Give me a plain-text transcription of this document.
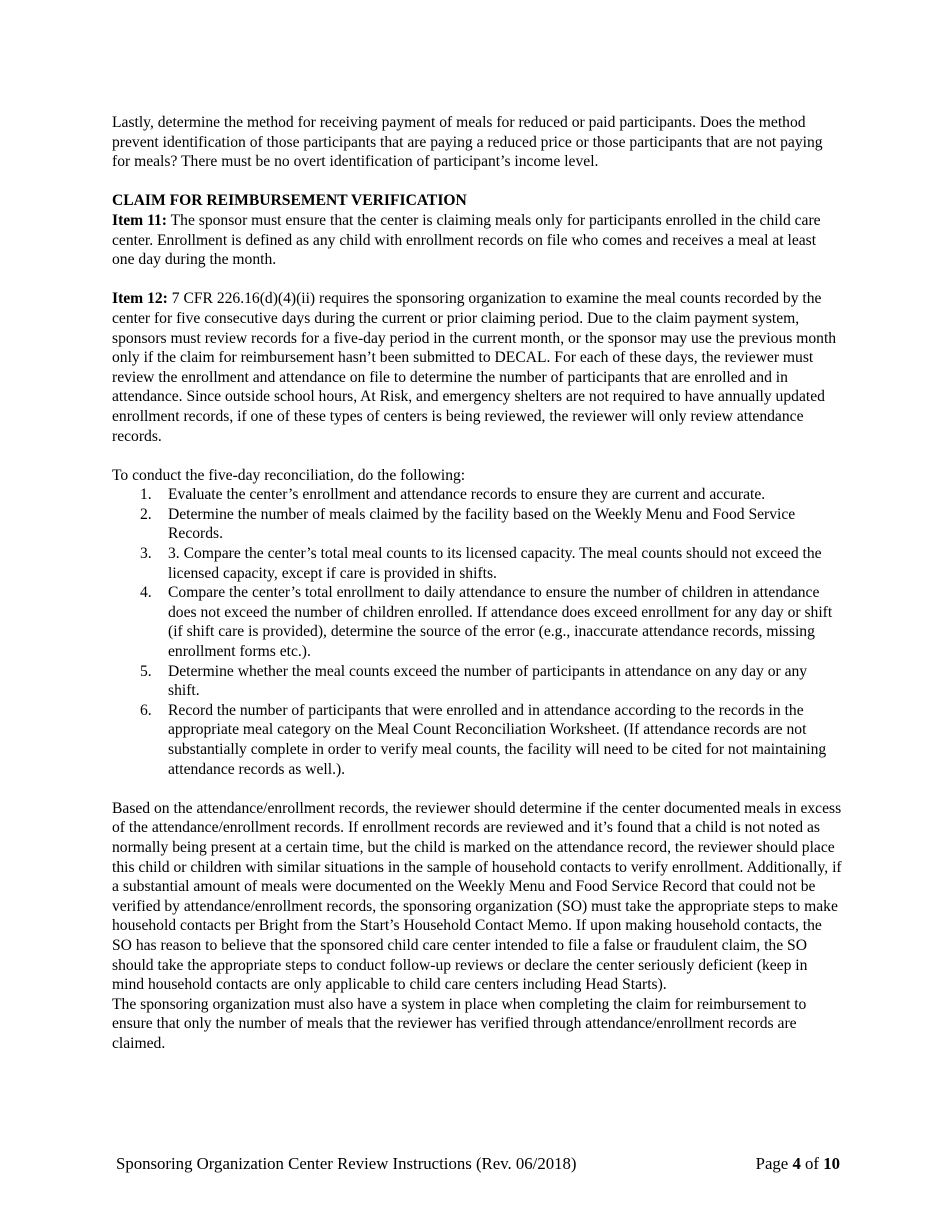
Lastly, determine the method for receiving payment of meals for reduced or paid participants. Does the method prevent identification of those participants that are paying a reduced price or those participants that are not paying for meals? There must be no overt identification of participant’s income level.

CLAIM FOR REIMBURSEMENT VERIFICATION

Item 11: The sponsor must ensure that the center is claiming meals only for participants enrolled in the child care center. Enrollment is defined as any child with enrollment records on file who comes and receives a meal at least one day during the month.

Item 12: 7 CFR 226.16(d)(4)(ii) requires the sponsoring organization to examine the meal counts recorded by the center for five consecutive days during the current or prior claiming period. Due to the claim payment system, sponsors must review records for a five-day period in the current month, or the sponsor may use the previous month only if the claim for reimbursement hasn’t been submitted to DECAL. For each of these days, the reviewer must review the enrollment and attendance on file to determine the number of participants that are enrolled and in attendance. Since outside school hours, At Risk, and emergency shelters are not required to have annually updated enrollment records, if one of these types of centers is being reviewed, the reviewer will only review attendance records.

To conduct the five-day reconciliation, do the following:

1. Evaluate the center’s enrollment and attendance records to ensure they are current and accurate.
2. Determine the number of meals claimed by the facility based on the Weekly Menu and Food Service Records.
3. 3. Compare the center’s total meal counts to its licensed capacity. The meal counts should not exceed the licensed capacity, except if care is provided in shifts.
4. Compare the center’s total enrollment to daily attendance to ensure the number of children in attendance does not exceed the number of children enrolled. If attendance does exceed enrollment for any day or shift (if shift care is provided), determine the source of the error (e.g., inaccurate attendance records, missing enrollment forms etc.).
5. Determine whether the meal counts exceed the number of participants in attendance on any day or any shift.
6. Record the number of participants that were enrolled and in attendance according to the records in the appropriate meal category on the Meal Count Reconciliation Worksheet. (If attendance records are not substantially complete in order to verify meal counts, the facility will need to be cited for not maintaining attendance records as well.).

Based on the attendance/enrollment records, the reviewer should determine if the center documented meals in excess of the attendance/enrollment records. If enrollment records are reviewed and it’s found that a child is not noted as normally being present at a certain time, but the child is marked on the attendance record, the reviewer should place this child or children with similar situations in the sample of household contacts to verify enrollment. Additionally, if a substantial amount of meals were documented on the Weekly Menu and Food Service Record that could not be verified by attendance/enrollment records, the sponsoring organization (SO) must take the appropriate steps to make household contacts per Bright from the Start’s Household Contact Memo. If upon making household contacts, the SO has reason to believe that the sponsored child care center intended to file a false or fraudulent claim, the SO should take the appropriate steps to conduct follow-up reviews or declare the center seriously deficient (keep in mind household contacts are only applicable to child care centers including Head Starts).

The sponsoring organization must also have a system in place when completing the claim for reimbursement to ensure that only the number of meals that the reviewer has verified through attendance/enrollment records are claimed.

Sponsoring Organization Center Review Instructions (Rev. 06/2018)	Page 4 of 10
